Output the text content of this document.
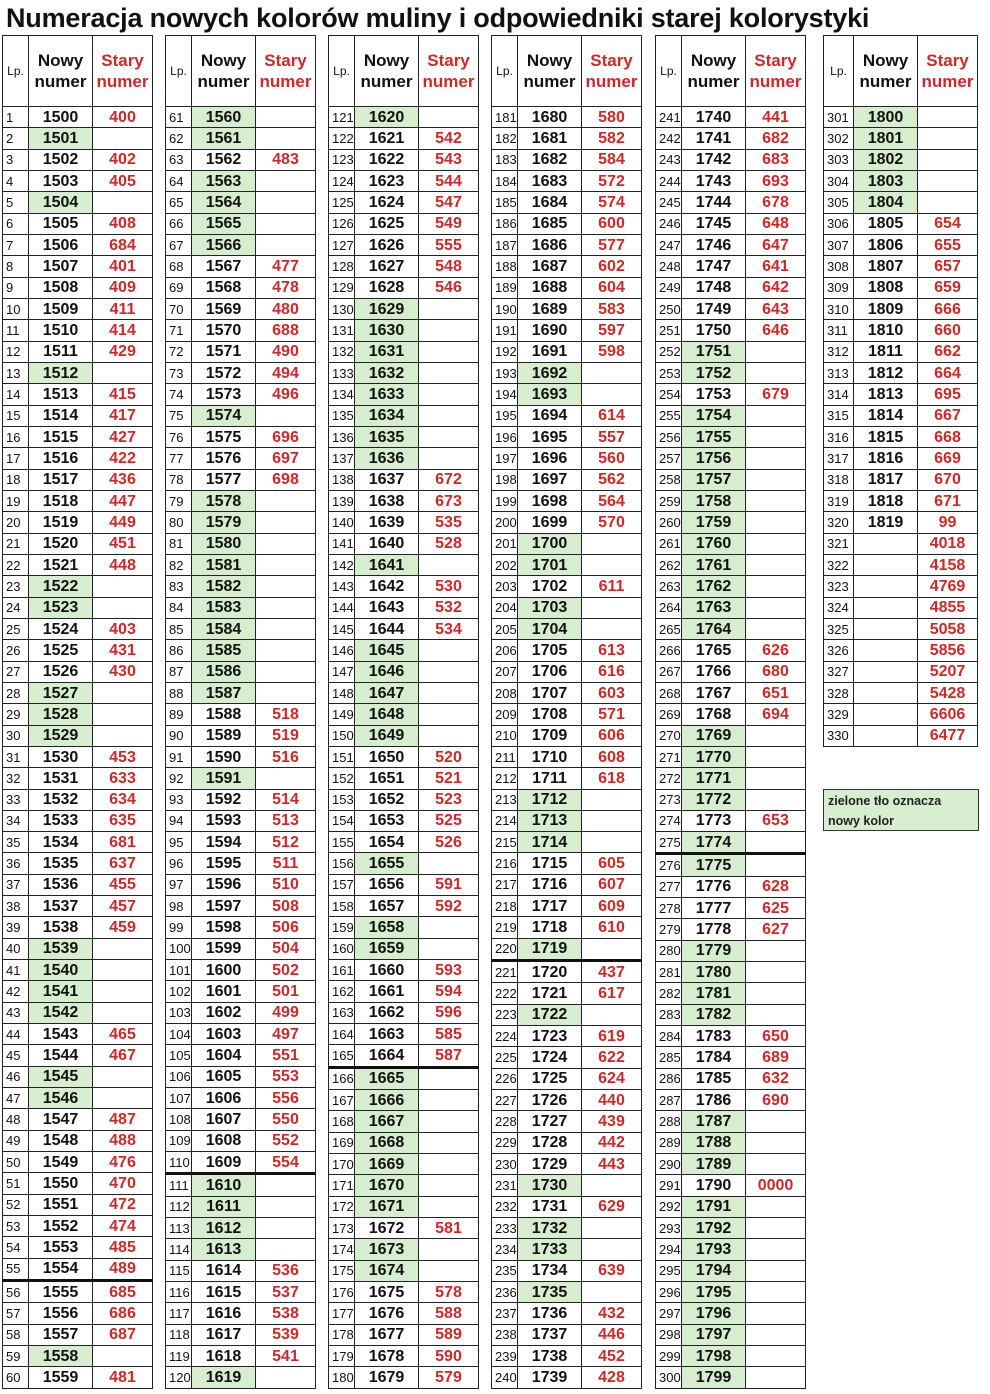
Numeracja nowych kolorów muliny i odpowiedniki starej kolorystyki
Lp.	Nowy
numer	Stary
numer
1	1500	400
2	1501	
3	1502	402
4	1503	405
5	1504	
6	1505	408
7	1506	684
8	1507	401
9	1508	409
10	1509	411
11	1510	414
12	1511	429
13	1512	
14	1513	415
15	1514	417
16	1515	427
17	1516	422
18	1517	436
19	1518	447
20	1519	449
21	1520	451
22	1521	448
23	1522	
24	1523	
25	1524	403
26	1525	431
27	1526	430
28	1527	
29	1528	
30	1529	
31	1530	453
32	1531	633
33	1532	634
34	1533	635
35	1534	681
36	1535	637
37	1536	455
38	1537	457
39	1538	459
40	1539	
41	1540	
42	1541	
43	1542	
44	1543	465
45	1544	467
46	1545	
47	1546	
48	1547	487
49	1548	488
50	1549	476
51	1550	470
52	1551	472
53	1552	474
54	1553	485
55	1554	489
56	1555	685
57	1556	686
58	1557	687
59	1558	
60	1559	481
Lp.	Nowy
numer	Stary
numer
61	1560	
62	1561	
63	1562	483
64	1563	
65	1564	
66	1565	
67	1566	
68	1567	477
69	1568	478
70	1569	480
71	1570	688
72	1571	490
73	1572	494
74	1573	496
75	1574	
76	1575	696
77	1576	697
78	1577	698
79	1578	
80	1579	
81	1580	
82	1581	
83	1582	
84	1583	
85	1584	
86	1585	
87	1586	
88	1587	
89	1588	518
90	1589	519
91	1590	516
92	1591	
93	1592	514
94	1593	513
95	1594	512
96	1595	511
97	1596	510
98	1597	508
99	1598	506
100	1599	504
101	1600	502
102	1601	501
103	1602	499
104	1603	497
105	1604	551
106	1605	553
107	1606	556
108	1607	550
109	1608	552
110	1609	554
111	1610	
112	1611	
113	1612	
114	1613	
115	1614	536
116	1615	537
117	1616	538
118	1617	539
119	1618	541
120	1619	
Lp.	Nowy
numer	Stary
numer
121	1620	
122	1621	542
123	1622	543
124	1623	544
125	1624	547
126	1625	549
127	1626	555
128	1627	548
129	1628	546
130	1629	
131	1630	
132	1631	
133	1632	
134	1633	
135	1634	
136	1635	
137	1636	
138	1637	672
139	1638	673
140	1639	535
141	1640	528
142	1641	
143	1642	530
144	1643	532
145	1644	534
146	1645	
147	1646	
148	1647	
149	1648	
150	1649	
151	1650	520
152	1651	521
153	1652	523
154	1653	525
155	1654	526
156	1655	
157	1656	591
158	1657	592
159	1658	
160	1659	
161	1660	593
162	1661	594
163	1662	596
164	1663	585
165	1664	587
166	1665	
167	1666	
168	1667	
169	1668	
170	1669	
171	1670	
172	1671	
173	1672	581
174	1673	
175	1674	
176	1675	578
177	1676	588
178	1677	589
179	1678	590
180	1679	579
Lp.	Nowy
numer	Stary
numer
181	1680	580
182	1681	582
183	1682	584
184	1683	572
185	1684	574
186	1685	600
187	1686	577
188	1687	602
189	1688	604
190	1689	583
191	1690	597
192	1691	598
193	1692	
194	1693	
195	1694	614
196	1695	557
197	1696	560
198	1697	562
199	1698	564
200	1699	570
201	1700	
202	1701	
203	1702	611
204	1703	
205	1704	
206	1705	613
207	1706	616
208	1707	603
209	1708	571
210	1709	606
211	1710	608
212	1711	618
213	1712	
214	1713	
215	1714	
216	1715	605
217	1716	607
218	1717	609
219	1718	610
220	1719	
221	1720	437
222	1721	617
223	1722	
224	1723	619
225	1724	622
226	1725	624
227	1726	440
228	1727	439
229	1728	442
230	1729	443
231	1730	
232	1731	629
233	1732	
234	1733	
235	1734	639
236	1735	
237	1736	432
238	1737	446
239	1738	452
240	1739	428
Lp.	Nowy
numer	Stary
numer
241	1740	441
242	1741	682
243	1742	683
244	1743	693
245	1744	678
246	1745	648
247	1746	647
248	1747	641
249	1748	642
250	1749	643
251	1750	646
252	1751	
253	1752	
254	1753	679
255	1754	
256	1755	
257	1756	
258	1757	
259	1758	
260	1759	
261	1760	
262	1761	
263	1762	
264	1763	
265	1764	
266	1765	626
267	1766	680
268	1767	651
269	1768	694
270	1769	
271	1770	
272	1771	
273	1772	
274	1773	653
275	1774	
276	1775	
277	1776	628
278	1777	625
279	1778	627
280	1779	
281	1780	
282	1781	
283	1782	
284	1783	650
285	1784	689
286	1785	632
287	1786	690
288	1787	
289	1788	
290	1789	
291	1790	0000
292	1791	
293	1792	
294	1793	
295	1794	
296	1795	
297	1796	
298	1797	
299	1798	
300	1799	
Lp.	Nowy
numer	Stary
numer
301	1800	
302	1801	
303	1802	
304	1803	
305	1804	
306	1805	654
307	1806	655
308	1807	657
309	1808	659
310	1809	666
311	1810	660
312	1811	662
313	1812	664
314	1813	695
315	1814	667
316	1815	668
317	1816	669
318	1817	670
319	1818	671
320	1819	99
321		4018
322		4158
323		4769
324		4855
325		5058
326		5856
327		5207
328		5428
329		6606
330		6477
zielone tło oznacza nowy kolor
